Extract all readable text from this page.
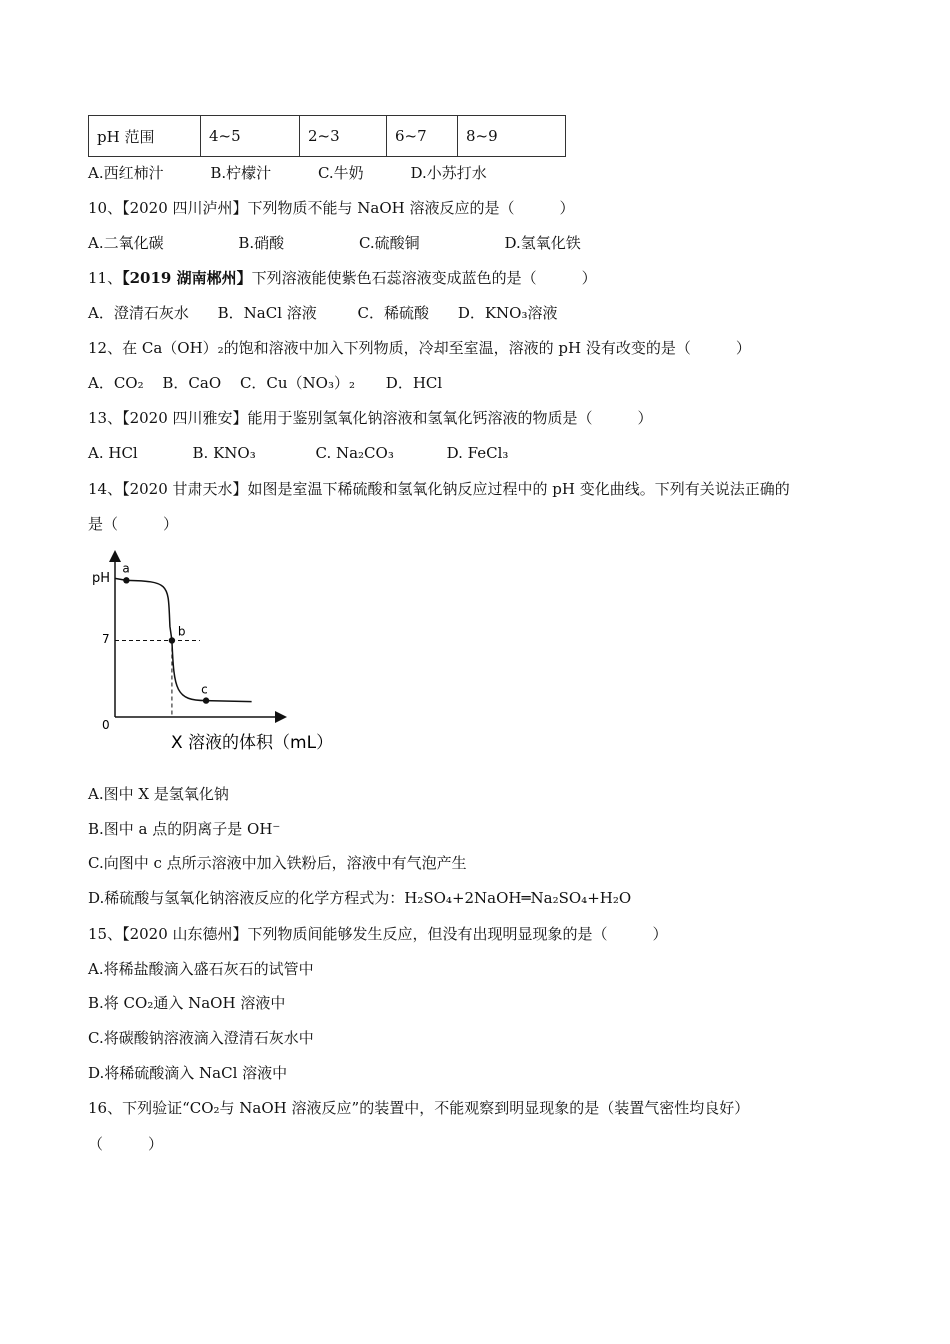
pH 范围	4~5	2~3	6~7	8~9
A.西红柿汁	B.柠檬汁	C.牛奶	D.小苏打水
10、【2020 四川泸州】下列物质不能与 NaOH 溶液反应的是（　　　）
A.二氧化碳	B.硝酸	C.硫酸铜	D.氢氧化铁
11、【2019 湖南郴州】下列溶液能使紫色石蕊溶液变成蓝色的是（　　　）
A．澄清石灰水 B．NaCl 溶液	C．稀硫酸 D．KNO₃溶液
12、在 Ca（OH）₂的饱和溶液中加入下列物质，冷却至室温，溶液的 pH 没有改变的是（　　　）
A．CO₂ B．CaO C．Cu（NO₃）₂ D．HCl
13、【2020 四川雅安】能用于鉴别氢氧化钠溶液和氢氧化钙溶液的物质是（　　　）
A. HCl	B. KNO₃	C. Na₂CO₃	D. FeCl₃
14、【2020 甘肃天水】如图是室温下稀硫酸和氢氧化钠反应过程中的 pH 变化曲线。下列有关说法正确的
是（　　　）
pH
7
0
a
b
c
X 溶液的体积（mL）
A.图中 X 是氢氧化钠
B.图中 a 点的阴离子是 OH⁻
C.向图中 c 点所示溶液中加入铁粉后，溶液中有气泡产生
D.稀硫酸与氢氧化钠溶液反应的化学方程式为：H₂SO₄+2NaOH═Na₂SO₄+H₂O
15、【2020 山东德州】下列物质间能够发生反应，但没有出现明显现象的是（　　　）
A.将稀盐酸滴入盛石灰石的试管中
B.将 CO₂通入 NaOH 溶液中
C.将碳酸钠溶液滴入澄清石灰水中
D.将稀硫酸滴入 NaCl 溶液中
16、下列验证“CO₂与 NaOH 溶液反应”的装置中，不能观察到明显现象的是（装置气密性均良好）
（　　　）
